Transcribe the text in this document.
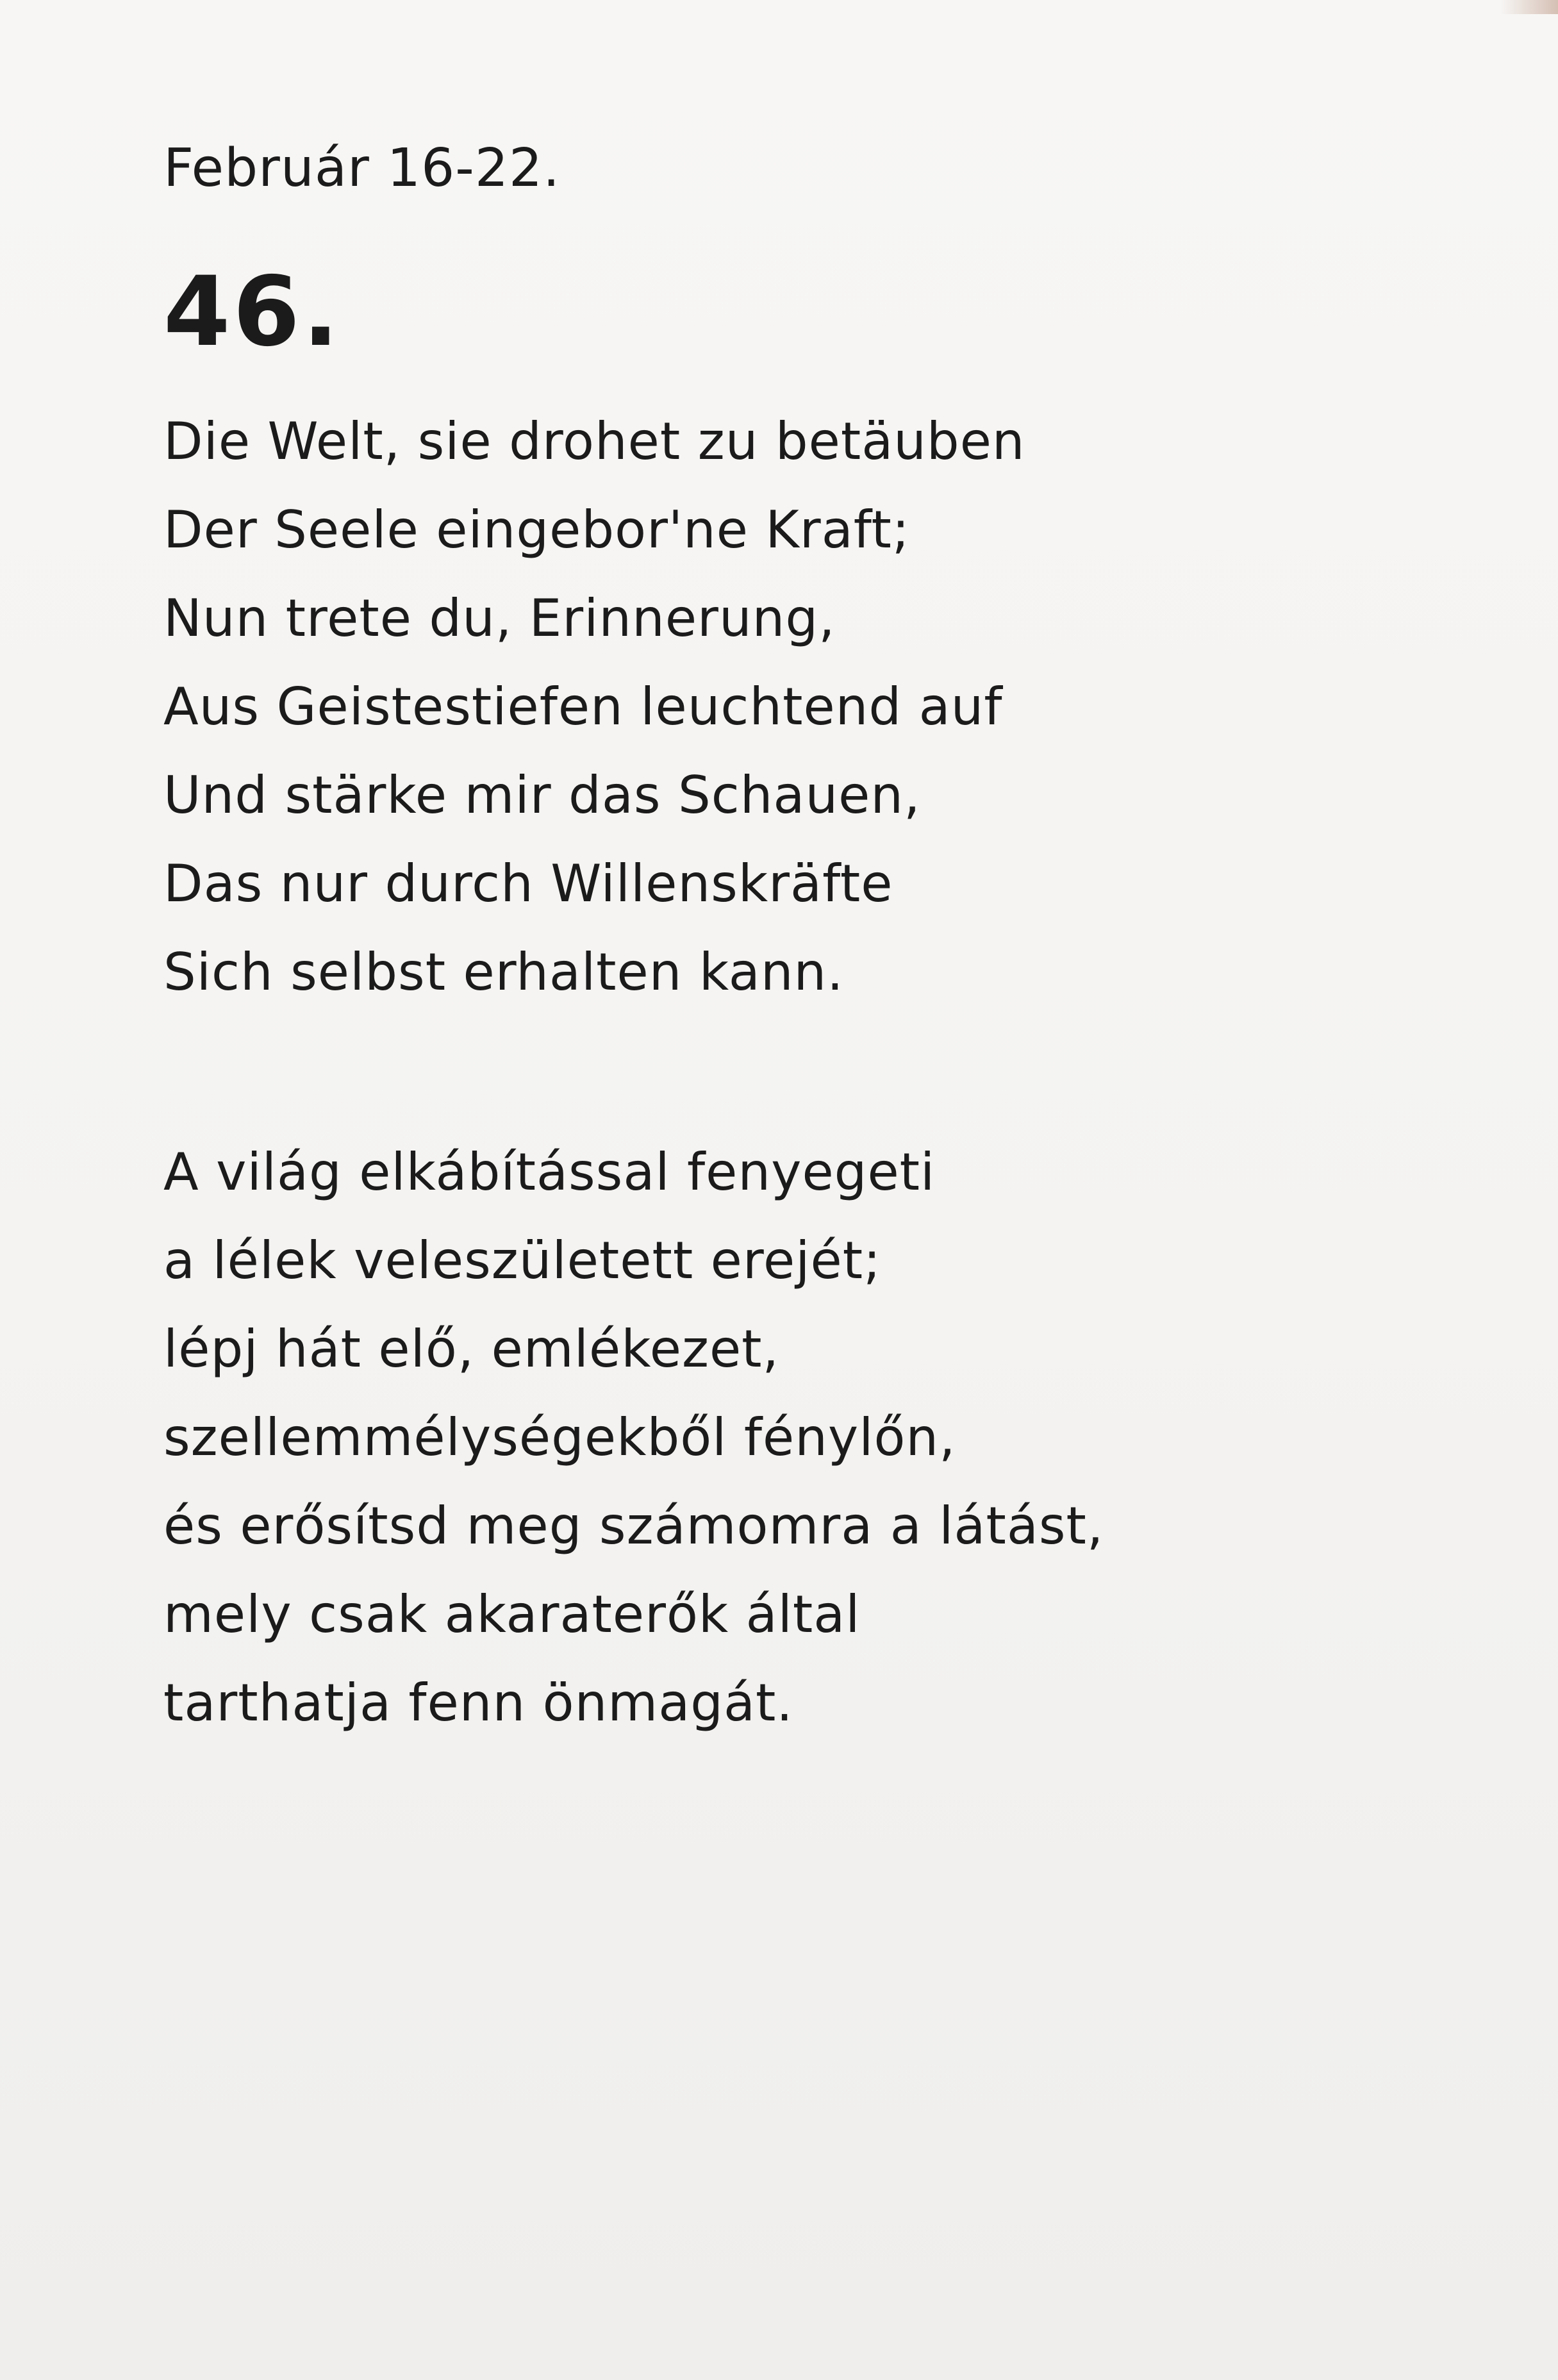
Február 16-22.
46.
Die Welt, sie drohet zu betäuben
Der Seele eingebor'ne Kraft;
Nun trete du, Erinnerung,
Aus Geistestiefen leuchtend auf
Und stärke mir das Schauen,
Das nur durch Willenskräfte
Sich selbst erhalten kann.
A világ elkábítással fenyegeti
a lélek veleszületett erejét;
lépj hát elő, emlékezet,
szellemmélységekből fénylőn,
és erősítsd meg számomra a látást,
mely csak akaraterők által
tarthatja fenn önmagát.
